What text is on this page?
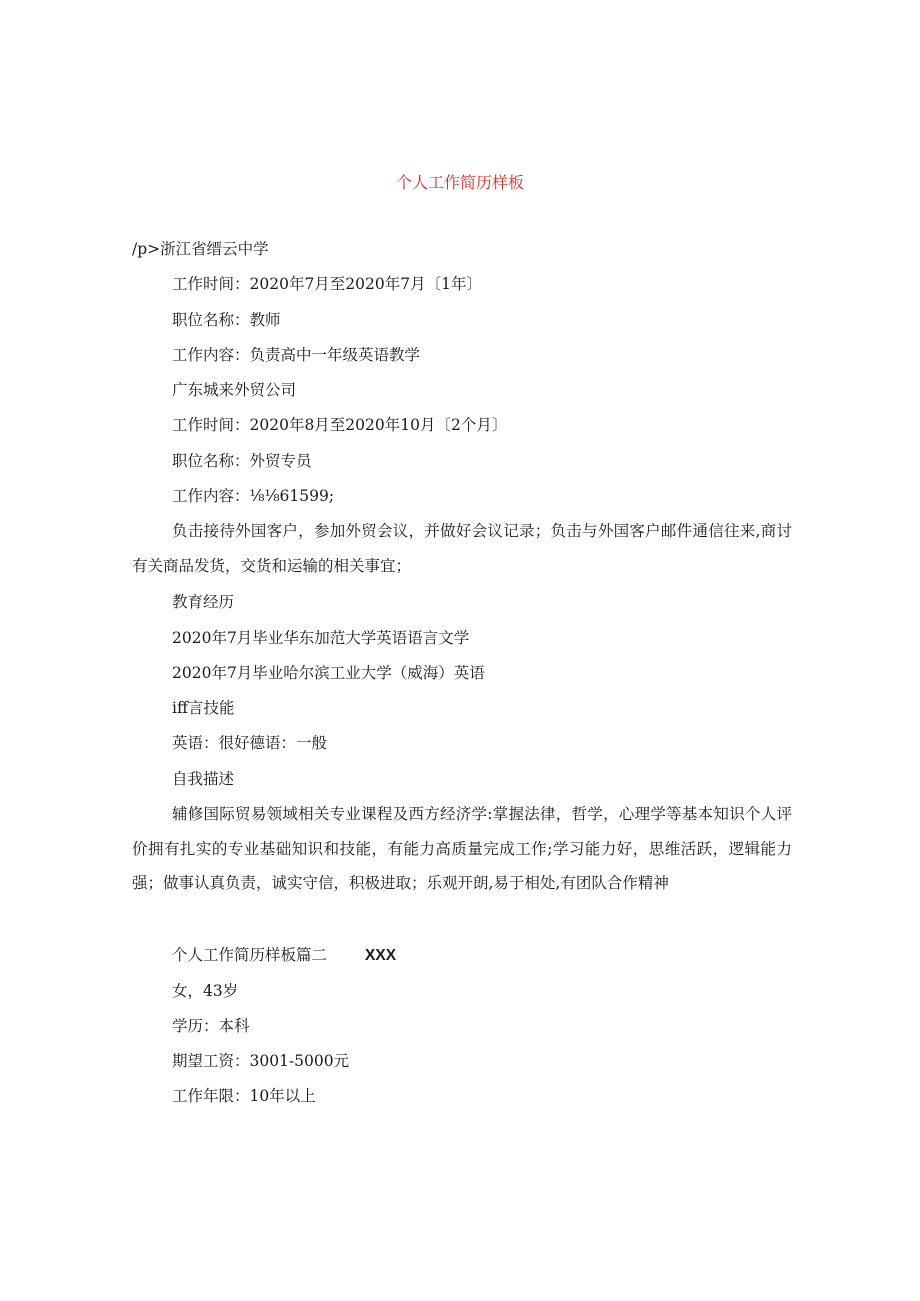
个人工作简历样板
/p>浙江省缙云中学
工作时间：2020年7月至2020年7月〔1年〕
职位名称：教师
工作内容：负责高中一年级英语教学
广东城来外贸公司
工作时间：2020年8月至2020年10月〔2个月〕
职位名称：外贸专员
工作内容：⅛⅛61599;
负击接待外国客户，参加外贸会议，并做好会议记录；负击与外国客户邮件通信往来,商讨有关商品发货，交货和运输的相关事宜；
教育经历
2020年7月毕业华东加范大学英语语言文学
2020年7月毕业哈尔滨工业大学（威海）英语
iff言技能
英语：很好德语：一般
自我描述
辅修国际贸易领域相关专业课程及西方经济学:掌握法律，哲学，心理学等基本知识个人评价拥有扎实的专业基础知识和技能，有能力高质量完成工作;学习能力好，思维活跃，逻辑能力强；做事认真负责，诚实守信，积极进取；乐观开朗,易于相处,有团队合作精神
个人工作简历样板篇二 XXX
女，43岁
学历：本科
期望工资：3001-5000元
工作年限：10年以上
